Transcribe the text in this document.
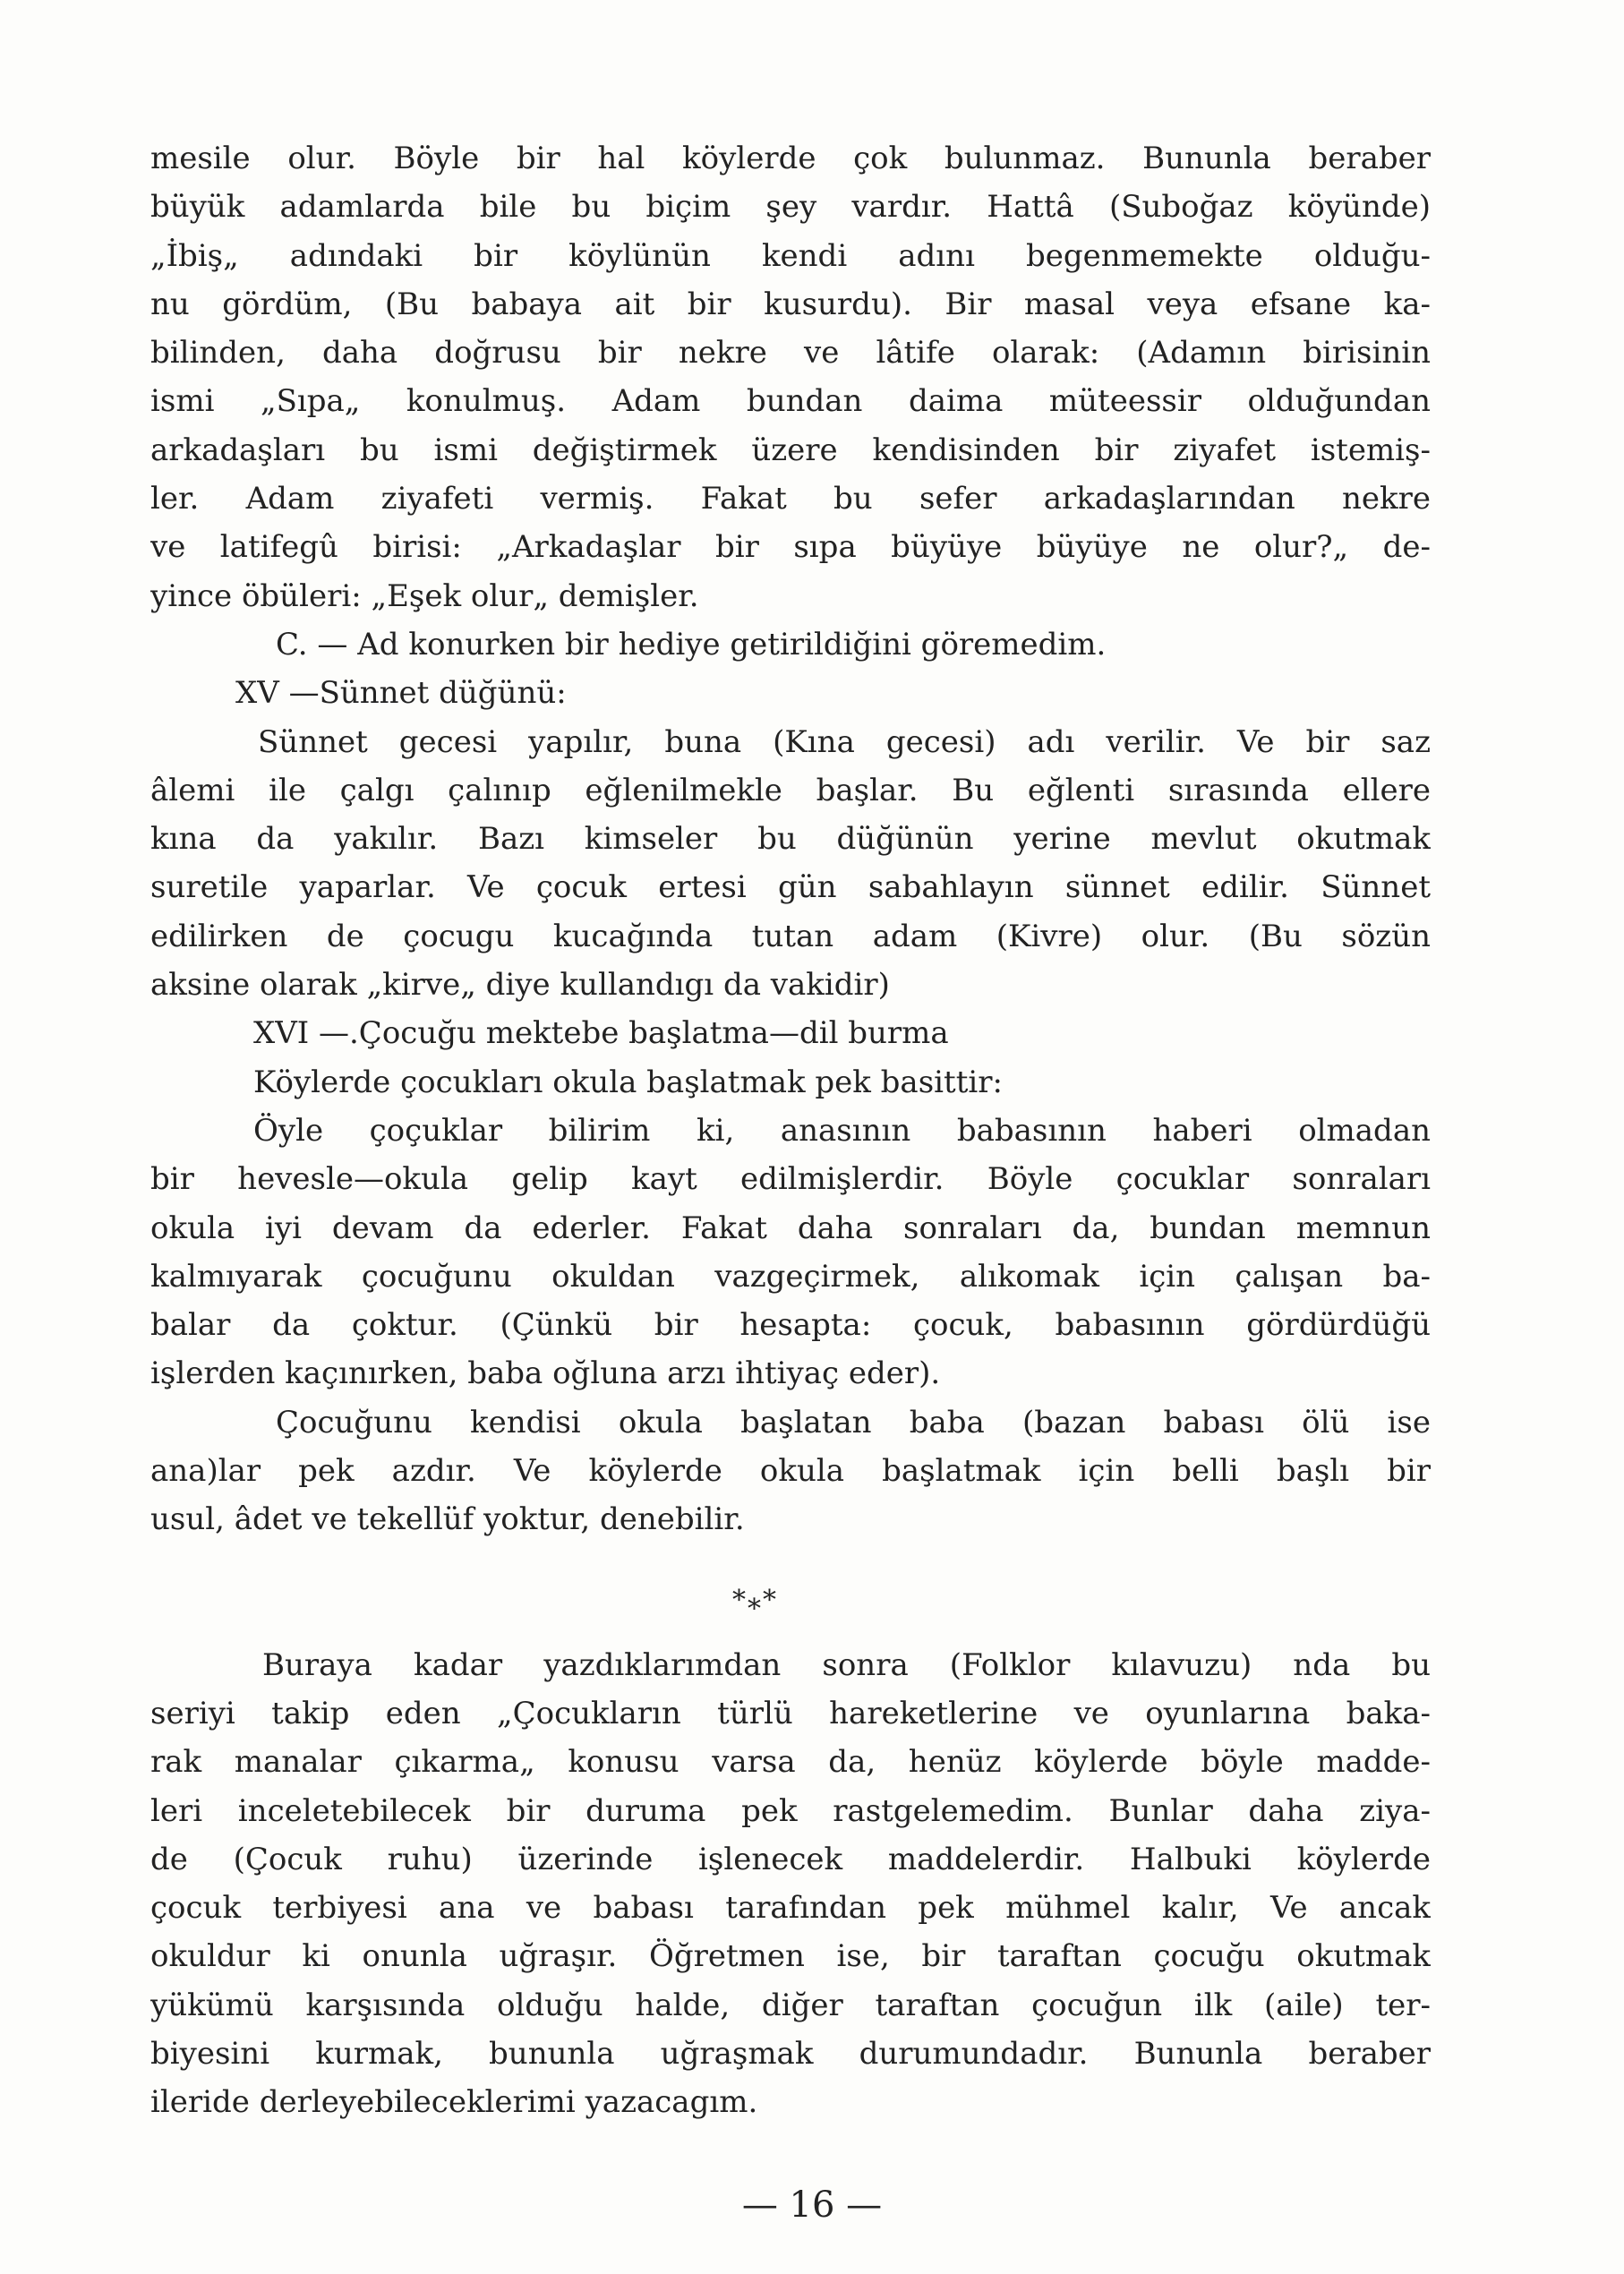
mesile olur. Böyle bir hal köylerde çok bulunmaz. Bununla beraber
büyük adamlarda bile bu biçim şey vardır. Hattâ (Suboğaz köyünde)
„İbiş„ adındaki bir köylünün kendi adını begenmemekte olduğu-
nu gördüm, (Bu babaya ait bir kusurdu). Bir masal veya efsane ka-
bilinden, daha doğrusu bir nekre ve lâtife olarak: (Adamın birisinin
ismi „Sıpa„ konulmuş. Adam bundan daima müteessir olduğundan
arkadaşları bu ismi değiştirmek üzere kendisinden bir ziyafet istemiş-
ler. Adam ziyafeti vermiş. Fakat bu sefer arkadaşlarından nekre
ve latifegû birisi: „Arkadaşlar bir sıpa büyüye büyüye ne olur?„ de-
yince öbüleri: „Eşek olur„ demişler.
C. — Ad konurken bir hediye getirildiğini göremedim.
XV —Sünnet düğünü:
Sünnet gecesi yapılır, buna (Kına gecesi) adı verilir. Ve bir saz
âlemi ile çalgı çalınıp eğlenilmekle başlar. Bu eğlenti sırasında ellere
kına da yakılır. Bazı kimseler bu düğünün yerine mevlut okutmak
suretile yaparlar. Ve çocuk ertesi gün sabahlayın sünnet edilir. Sünnet
edilirken de çocugu kucağında tutan adam (Kivre) olur. (Bu sözün
aksine olarak „kirve„ diye kullandıgı da vakidir)
XVI —.Çocuğu mektebe başlatma—dil burma
Köylerde çocukları okula başlatmak pek basittir:
Öyle çoçuklar bilirim ki, anasının babasının haberi olmadan
bir hevesle—okula gelip kayt edilmişlerdir. Böyle çocuklar sonraları
okula iyi devam da ederler. Fakat daha sonraları da, bundan memnun
kalmıyarak çocuğunu okuldan vazgeçirmek, alıkomak için çalışan ba-
balar da çoktur. (Çünkü bir hesapta: çocuk, babasının gördürdüğü
işlerden kaçınırken, baba oğluna arzı ihtiyaç eder).
Çocuğunu kendisi okula başlatan baba (bazan babası ölü ise
ana)lar pek azdır. Ve köylerde okula başlatmak için belli başlı bir
usul, âdet ve tekellüf yoktur, denebilir.
*⁎*
Buraya kadar yazdıklarımdan sonra (Folklor kılavuzu) nda bu
seriyi takip eden „Çocukların türlü hareketlerine ve oyunlarına baka-
rak manalar çıkarma„ konusu varsa da, henüz köylerde böyle madde-
leri inceletebilecek bir duruma pek rastgelemedim. Bunlar daha ziya-
de (Çocuk ruhu) üzerinde işlenecek maddelerdir. Halbuki köylerde
çocuk terbiyesi ana ve babası tarafından pek mühmel kalır, Ve ancak
okuldur ki onunla uğraşır. Öğretmen ise, bir taraftan çocuğu okutmak
yükümü karşısında olduğu halde, diğer taraftan çocuğun ilk (aile) ter-
biyesini kurmak, bununla uğraşmak durumundadır. Bununla beraber
ileride derleyebileceklerimi yazacagım.
— 16 —
